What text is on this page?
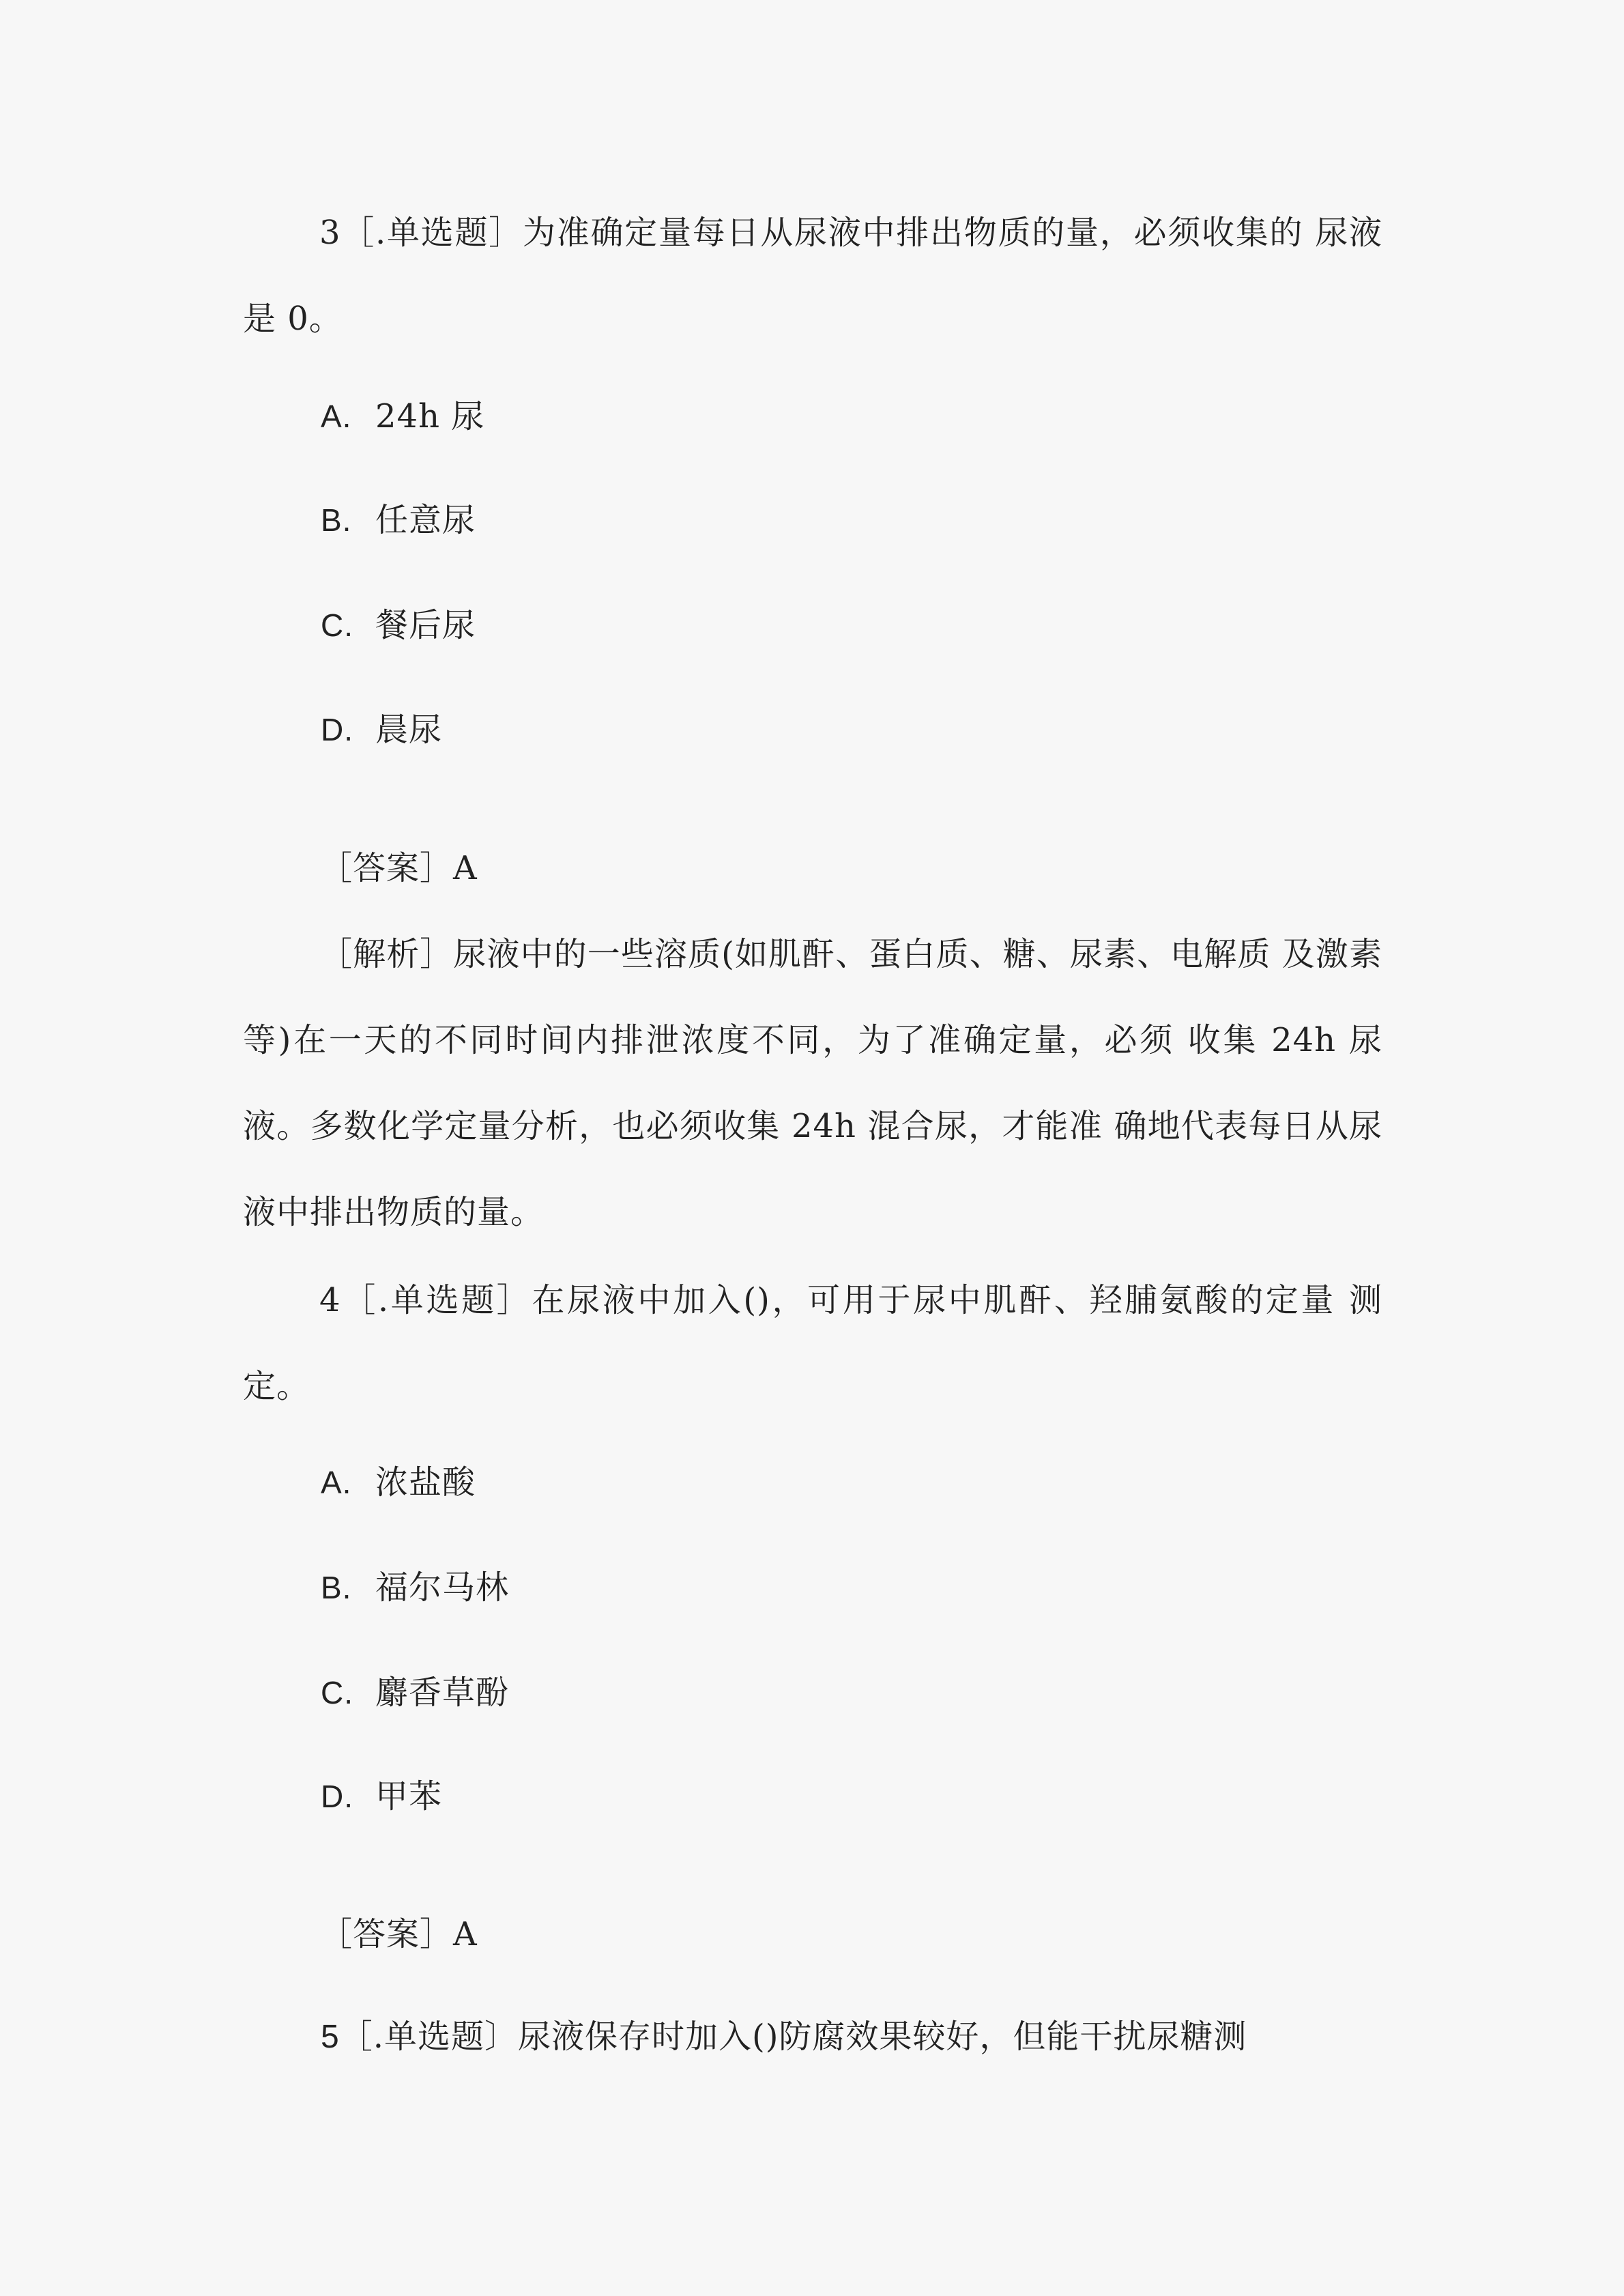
3［.单选题］为准确定量每日从尿液中排出物质的量，必须收集的 尿液是 0。

A. 24h 尿
B. 任意尿
C. 餐后尿
D. 晨尿
［答案］A

［解析］尿液中的一些溶质(如肌酐、蛋白质、糖、尿素、电解质 及激素等)在一天的不同时间内排泄浓度不同，为了准确定量，必须 收集 24h 尿液。多数化学定量分析，也必须收集 24h 混合尿，才能准 确地代表每日从尿液中排出物质的量。

4［.单选题］在尿液中加入()，可用于尿中肌酐、羟脯氨酸的定量 测定。

A. 浓盐酸
B. 福尔马林
C. 麝香草酚
D. 甲苯
［答案］A
5［.单选题〕尿液保存时加入()防腐效果较好，但能干扰尿糖测
